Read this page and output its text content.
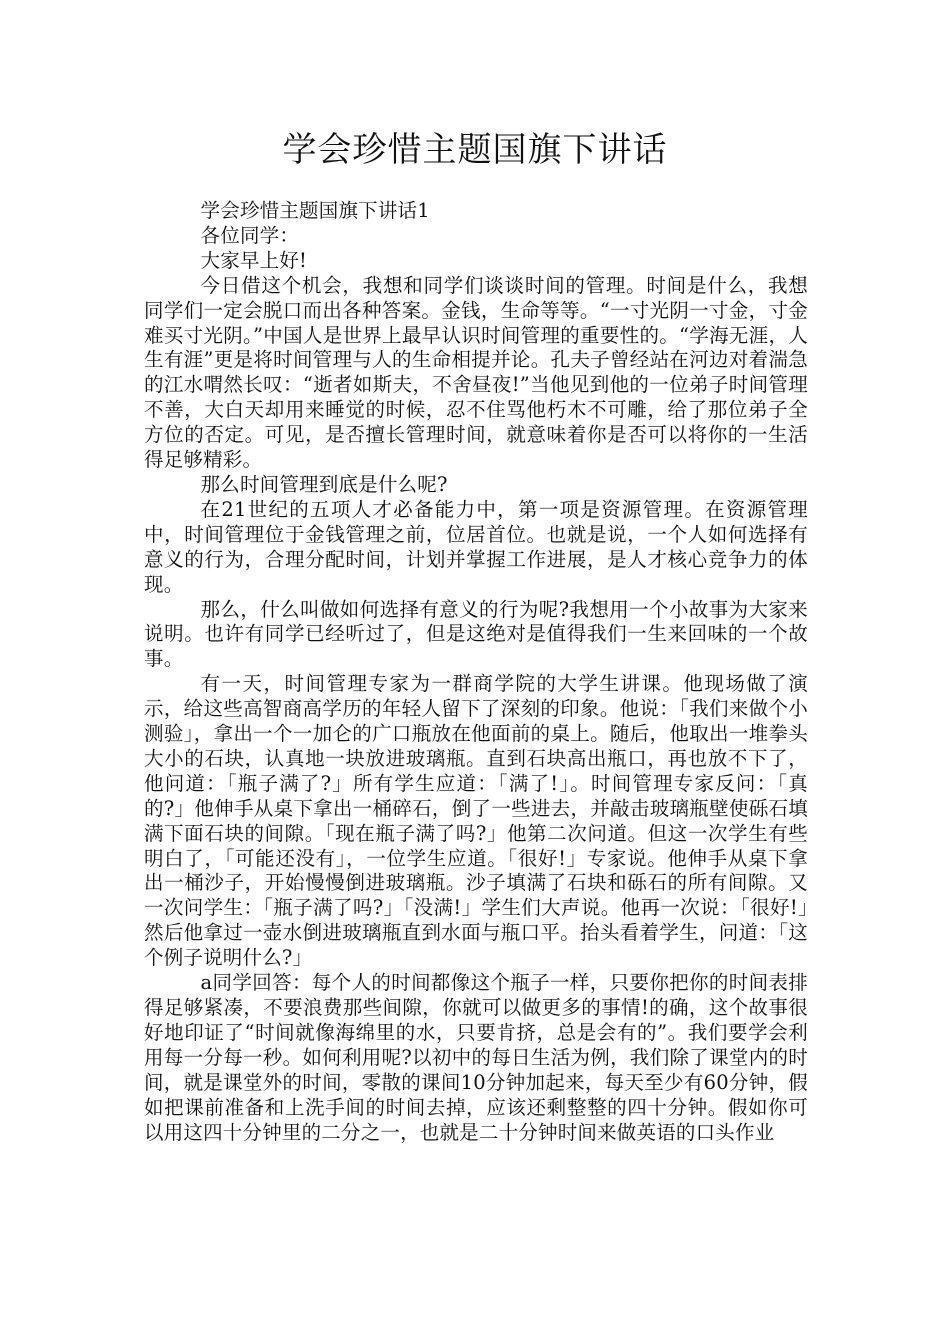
学会珍惜主题国旗下讲话

学会珍惜主题国旗下讲话1

各位同学：

大家早上好!

今日借这个机会，我想和同学们谈谈时间的管理。时间是什么，我想同学们一定会脱口而出各种答案。金钱，生命等等。“一寸光阴一寸金，寸金难买寸光阴。”中国人是世界上最早认识时间管理的重要性的。“学海无涯，人生有涯”更是将时间管理与人的生命相提并论。孔夫子曾经站在河边对着湍急的江水喟然长叹：“逝者如斯夫，不舍昼夜!”当他见到他的一位弟子时间管理不善，大白天却用来睡觉的时候，忍不住骂他朽木不可雕，给了那位弟子全方位的否定。可见，是否擅长管理时间，就意味着你是否可以将你的一生活得足够精彩。

那么时间管理到底是什么呢?

在21世纪的五项人才必备能力中，第一项是资源管理。在资源管理中，时间管理位于金钱管理之前，位居首位。也就是说，一个人如何选择有意义的行为，合理分配时间，计划并掌握工作进展，是人才核心竞争力的体现。

那么，什么叫做如何选择有意义的行为呢?我想用一个小故事为大家来说明。也许有同学已经听过了，但是这绝对是值得我们一生来回味的一个故事。

有一天，时间管理专家为一群商学院的大学生讲课。他现场做了演示，给这些高智商高学历的年轻人留下了深刻的印象。他说：「我们来做个小测验」，拿出一个一加仑的广口瓶放在他面前的桌上。随后，他取出一堆拳头大小的石块，认真地一块放进玻璃瓶。直到石块高出瓶口，再也放不下了，他问道：「瓶子满了?」所有学生应道：「满了!」。时间管理专家反问：「真的?」他伸手从桌下拿出一桶碎石，倒了一些进去，并敲击玻璃瓶壁使砾石填满下面石块的间隙。「现在瓶子满了吗?」他第二次问道。但这一次学生有些明白了，「可能还没有」，一位学生应道。「很好!」专家说。他伸手从桌下拿出一桶沙子，开始慢慢倒进玻璃瓶。沙子填满了石块和砾石的所有间隙。又一次问学生：「瓶子满了吗?」「没满!」学生们大声说。他再一次说：「很好!」然后他拿过一壶水倒进玻璃瓶直到水面与瓶口平。抬头看着学生，问道：「这个例子说明什么?」

a同学回答：每个人的时间都像这个瓶子一样，只要你把你的时间表排得足够紧凑，不要浪费那些间隙，你就可以做更多的事情!的确，这个故事很好地印证了“时间就像海绵里的水，只要肯挤，总是会有的”。我们要学会利用每一分每一秒。如何利用呢?以初中的每日生活为例，我们除了课堂内的时间，就是课堂外的时间，零散的课间10分钟加起来，每天至少有60分钟，假如把课前准备和上洗手间的时间去掉，应该还剩整整的四十分钟。假如你可以用这四十分钟里的二分之一，也就是二十分钟时间来做英语的口头作业
